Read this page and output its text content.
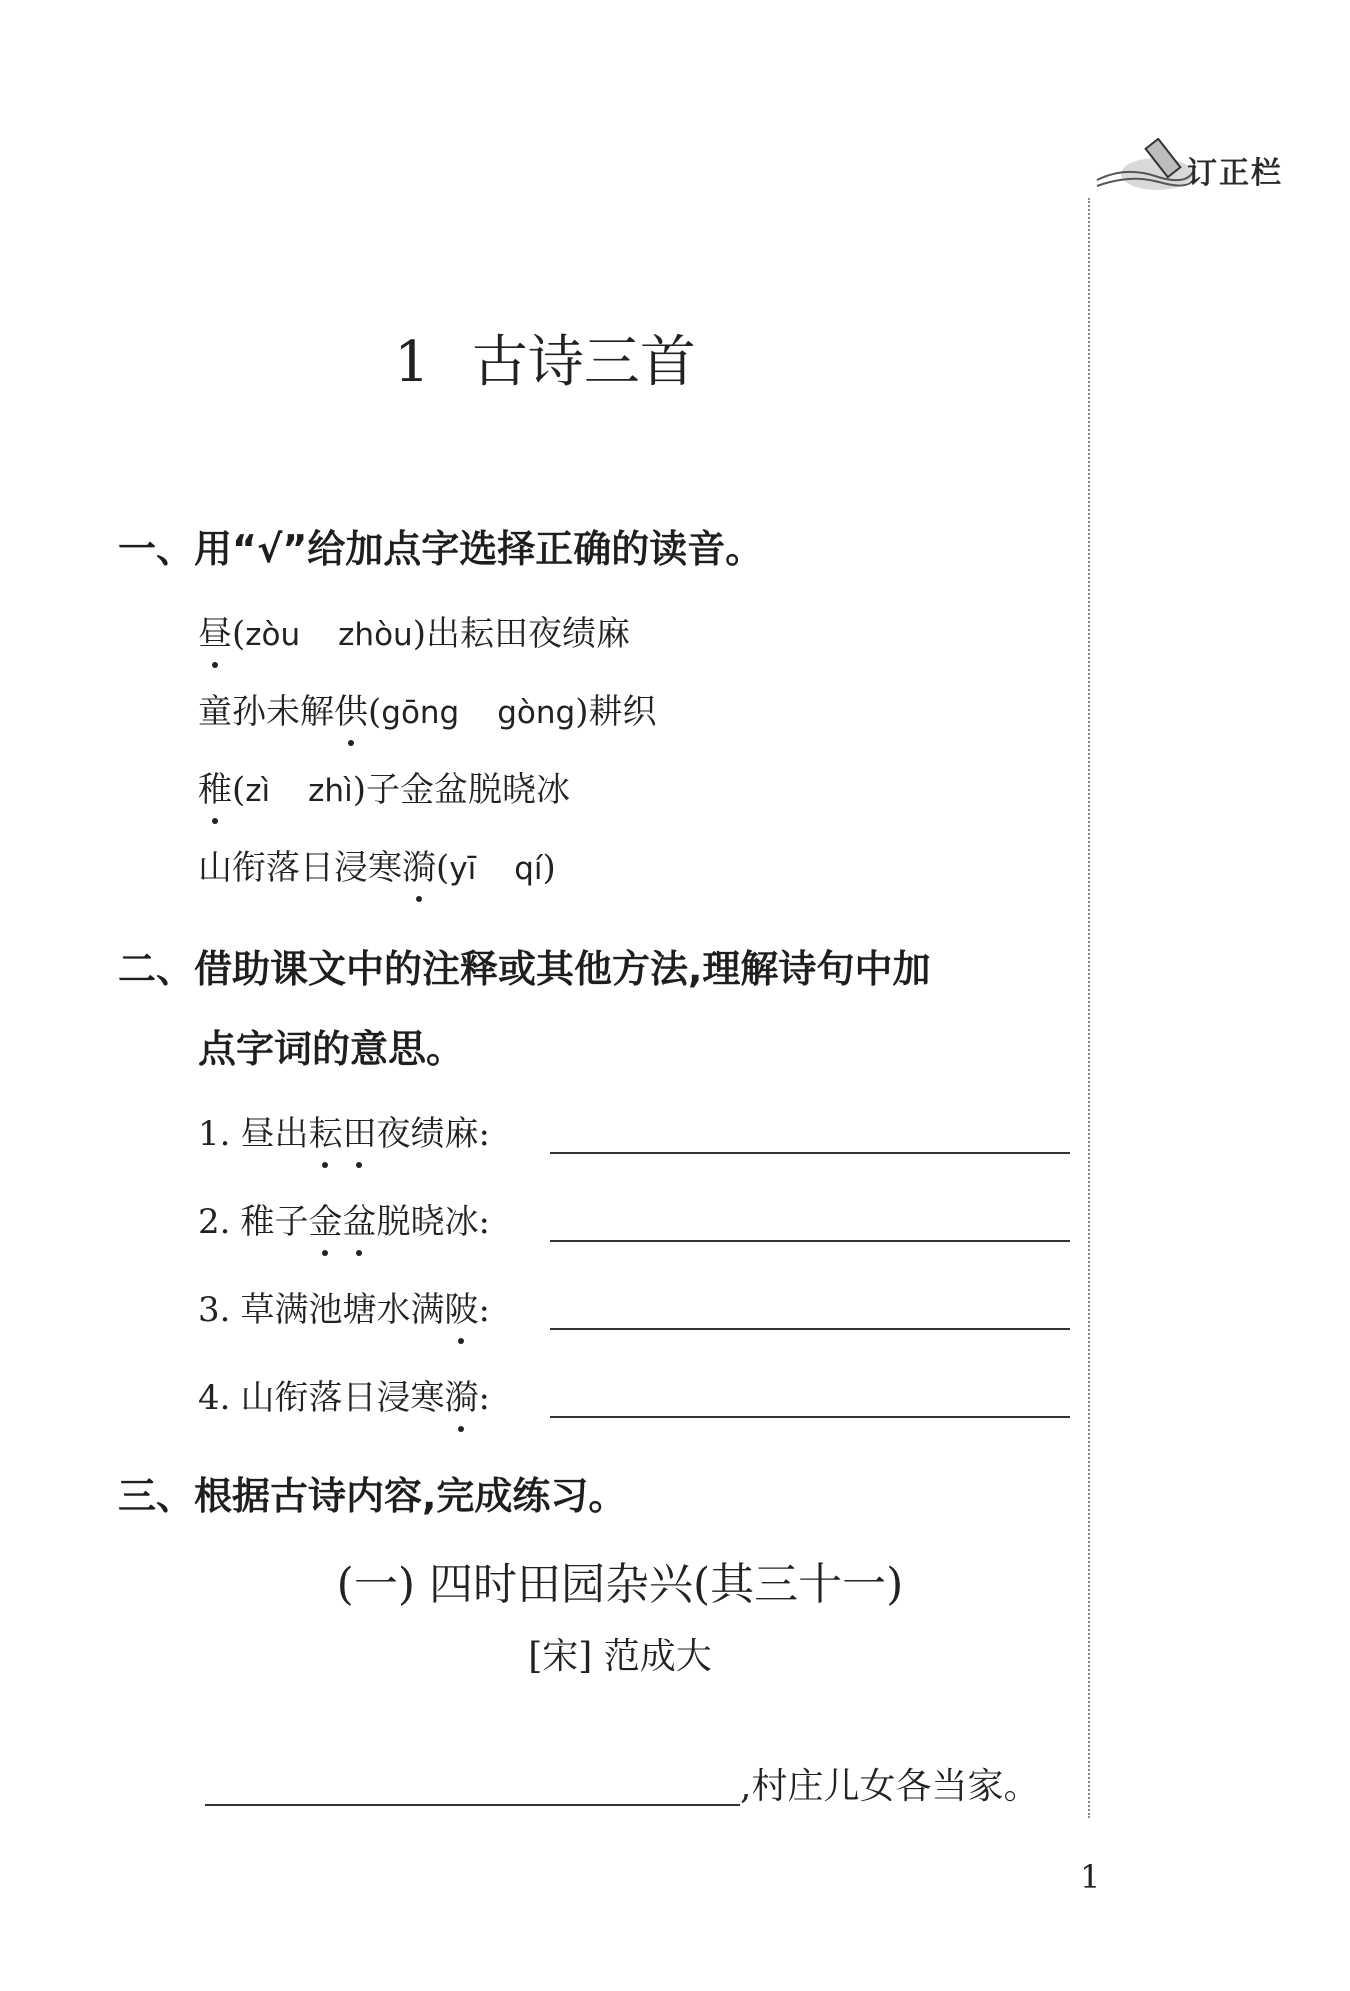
订正栏
1 古诗三首
一、用“√”给加点字选择正确的读音。
昼(zòu zhòu)出耘田夜绩麻
童孙未解供(gōng gòng)耕织
稚(zì zhì)子金盆脱晓冰
山衔落日浸寒漪(yī qí)
二、借助课文中的注释或其他方法,理解诗句中加
点字词的意思。
1. 昼出耘田夜绩麻:
2. 稚子金盆脱晓冰:
3. 草满池塘水满陂:
4. 山衔落日浸寒漪:
三、根据古诗内容,完成练习。
(一) 四时田园杂兴(其三十一)
[宋] 范成大
,村庄儿女各当家。
1
